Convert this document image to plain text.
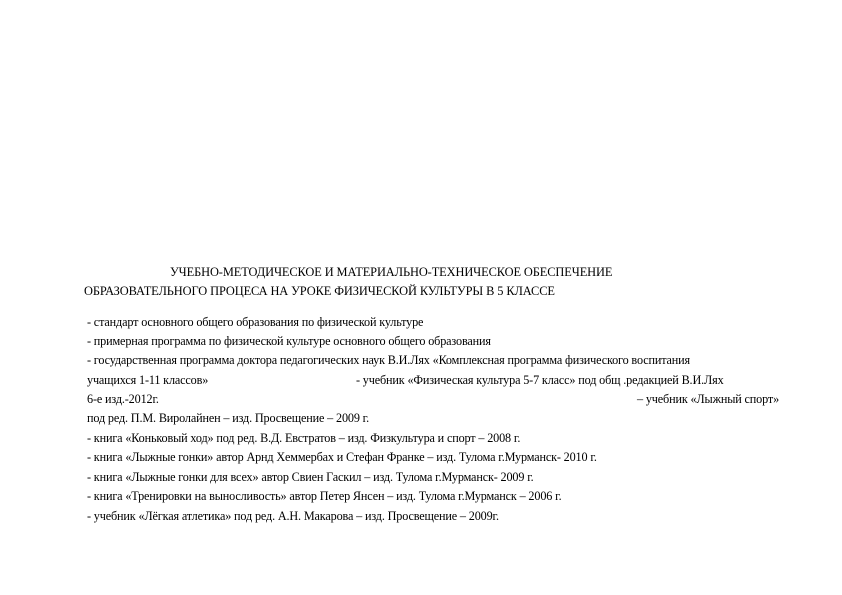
УЧЕБНО-МЕТОДИЧЕСКОЕ И МАТЕРИАЛЬНО-ТЕХНИЧЕСКОЕ ОБЕСПЕЧЕНИЕ
ОБРАЗОВАТЕЛЬНОГО ПРОЦЕСА НА УРОКЕ ФИЗИЧЕСКОЙ КУЛЬТУРЫ В 5 КЛАССЕ
- стандарт основного общего образования по физической культуре
- примерная программа по физической культуре основного общего образования
- государственная программа доктора педагогических наук В.И.Лях «Комплексная программа физического воспитания
учащихся 1-11 классов»	- учебник «Физическая культура 5-7 класс» под общ .редакцией В.И.Лях
6-е изд.-2012г.	– учебник «Лыжный спорт»
под ред. П.М. Виролайнен – изд. Просвещение – 2009 г.
- книга «Коньковый ход» под ред. В.Д. Евстратов – изд. Физкультура и спорт – 2008 г.
- книга «Лыжные гонки» автор Арнд Хеммербах и Стефан Франке – изд. Тулома г.Мурманск- 2010 г.
- книга «Лыжные гонки для всех» автор Свиен Гаскил – изд. Тулома г.Мурманск- 2009 г.
- книга «Тренировки на выносливость» автор Петер Янсен – изд. Тулома г.Мурманск – 2006 г.
- учебник «Лёгкая атлетика» под ред. А.Н. Макарова – изд. Просвещение – 2009г.
